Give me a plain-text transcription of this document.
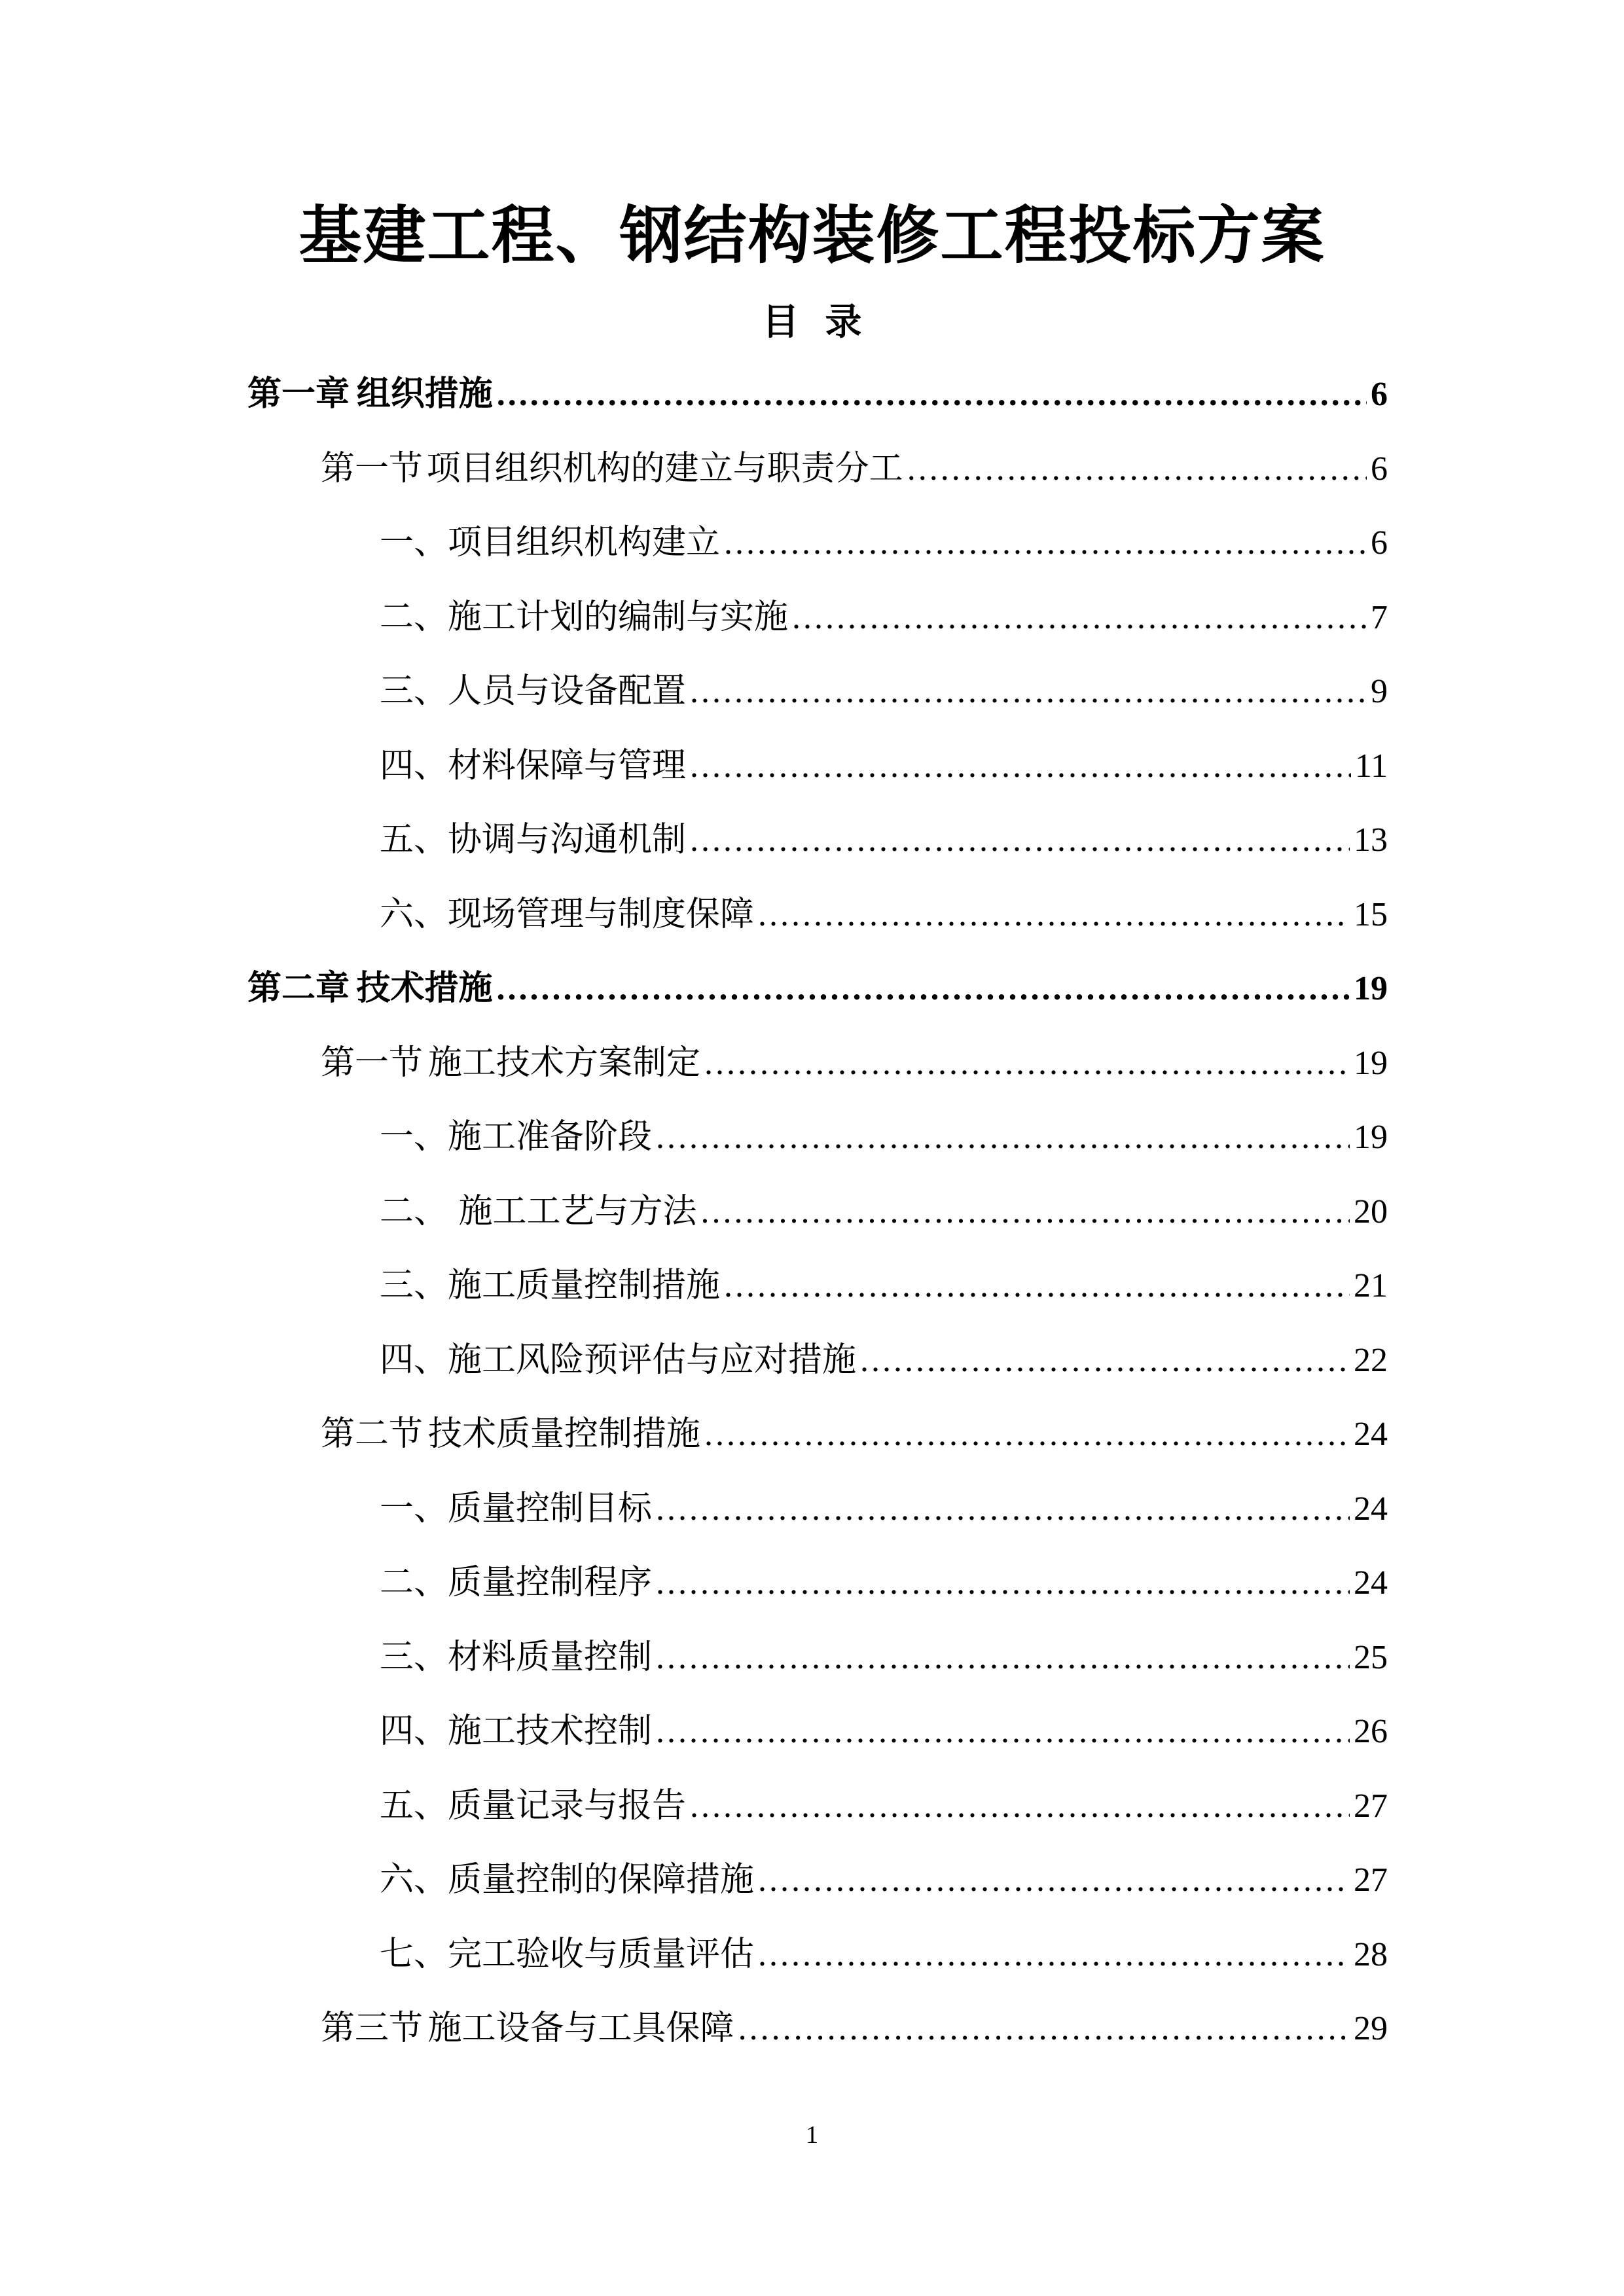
基建工程、钢结构装修工程投标方案
目 录
第一章 组织措施 .....	6
第一节 项目组织机构的建立与职责分工 .....	6
一、 项目组织机构建立 .....	6
二、 施工计划的编制与实施 .....	7
三、 人员与设备配置 .....	9
四、 材料保障与管理 .....	11
五、 协调与沟通机制 .....	13
六、 现场管理与制度保障 .....	15
第二章 技术措施 .....	19
第一节 施工技术方案制定 .....	19
一、 施工准备阶段 .....	19
二、 施工工艺与方法 .....	20
三、 施工质量控制措施 .....	21
四、 施工风险预评估与应对措施 .....	22
第二节 技术质量控制措施 .....	24
一、 质量控制目标 .....	24
二、 质量控制程序 .....	24
三、 材料质量控制 .....	25
四、 施工技术控制 .....	26
五、 质量记录与报告 .....	27
六、 质量控制的保障措施 .....	27
七、 完工验收与质量评估 .....	28
第三节 施工设备与工具保障 .....	29
1
